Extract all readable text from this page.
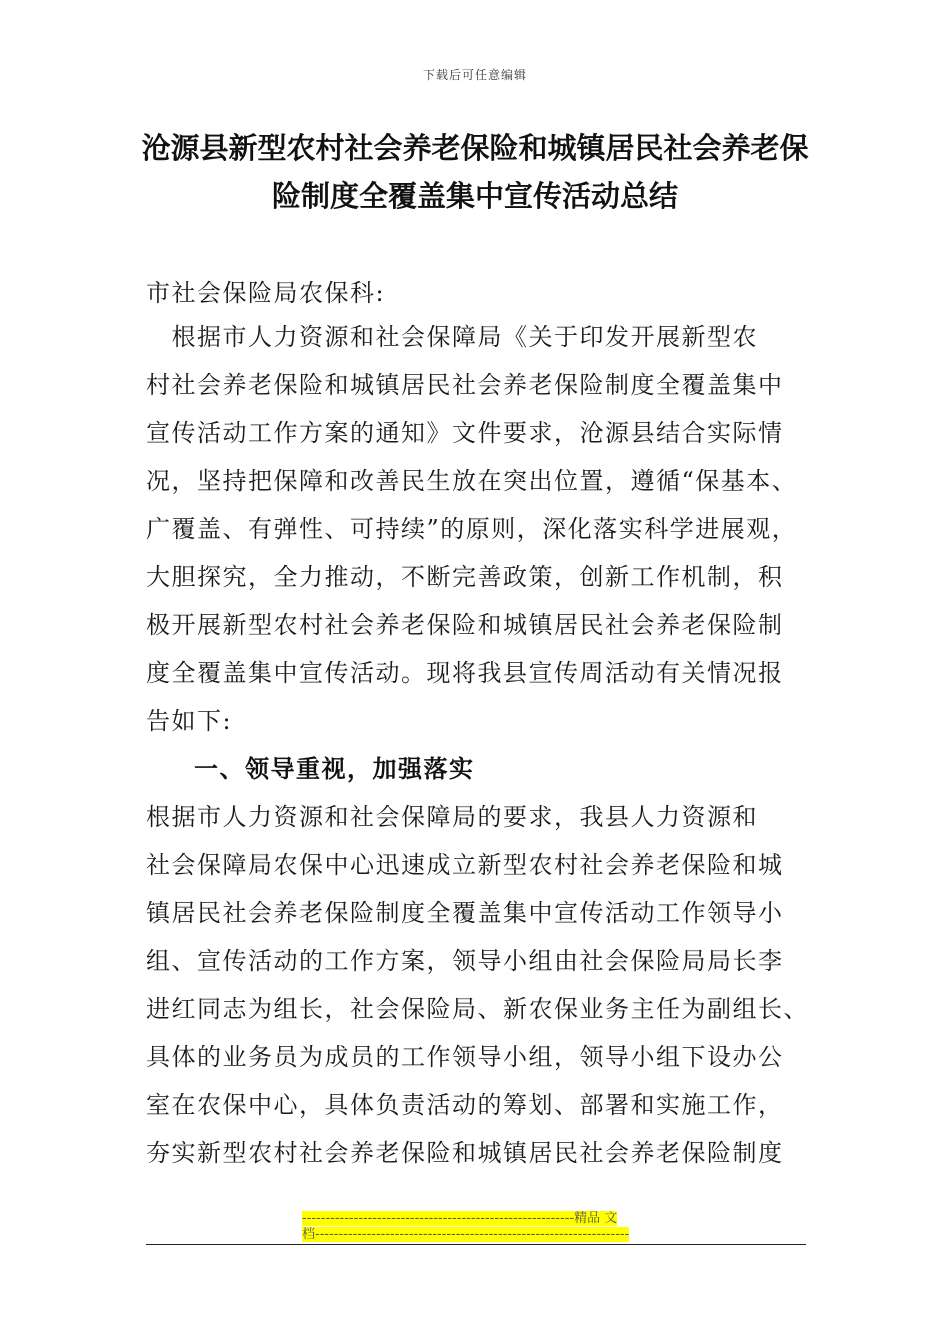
下载后可任意编辑
沧源县新型农村社会养老保险和城镇居民社会养老保
险制度全覆盖集中宣传活动总结
市社会保险局农保科:
　根据市人力资源和社会保障局《关于印发开展新型农
村社会养老保险和城镇居民社会养老保险制度全覆盖集中
宣传活动工作方案的通知》文件要求，沧源县结合实际情
况，坚持把保障和改善民生放在突出位置，遵循“保基本、
广覆盖、有弹性、可持续”的原则，深化落实科学进展观，
大胆探究，全力推动，不断完善政策，创新工作机制，积
极开展新型农村社会养老保险和城镇居民社会养老保险制
度全覆盖集中宣传活动。现将我县宣传周活动有关情况报
告如下:
一、领导重视，加强落实
根据市人力资源和社会保障局的要求，我县人力资源和
社会保障局农保中心迅速成立新型农村社会养老保险和城
镇居民社会养老保险制度全覆盖集中宣传活动工作领导小
组、宣传活动的工作方案，领导小组由社会保险局局长李
进红同志为组长，社会保险局、新农保业务主任为副组长、
具体的业务员为成员的工作领导小组，领导小组下设办公
室在农保中心，具体负责活动的筹划、部署和实施工作，
夯实新型农村社会养老保险和城镇居民社会养老保险制度
----------------------------------------------------------精品 文
档-------------------------------------------------------------------
